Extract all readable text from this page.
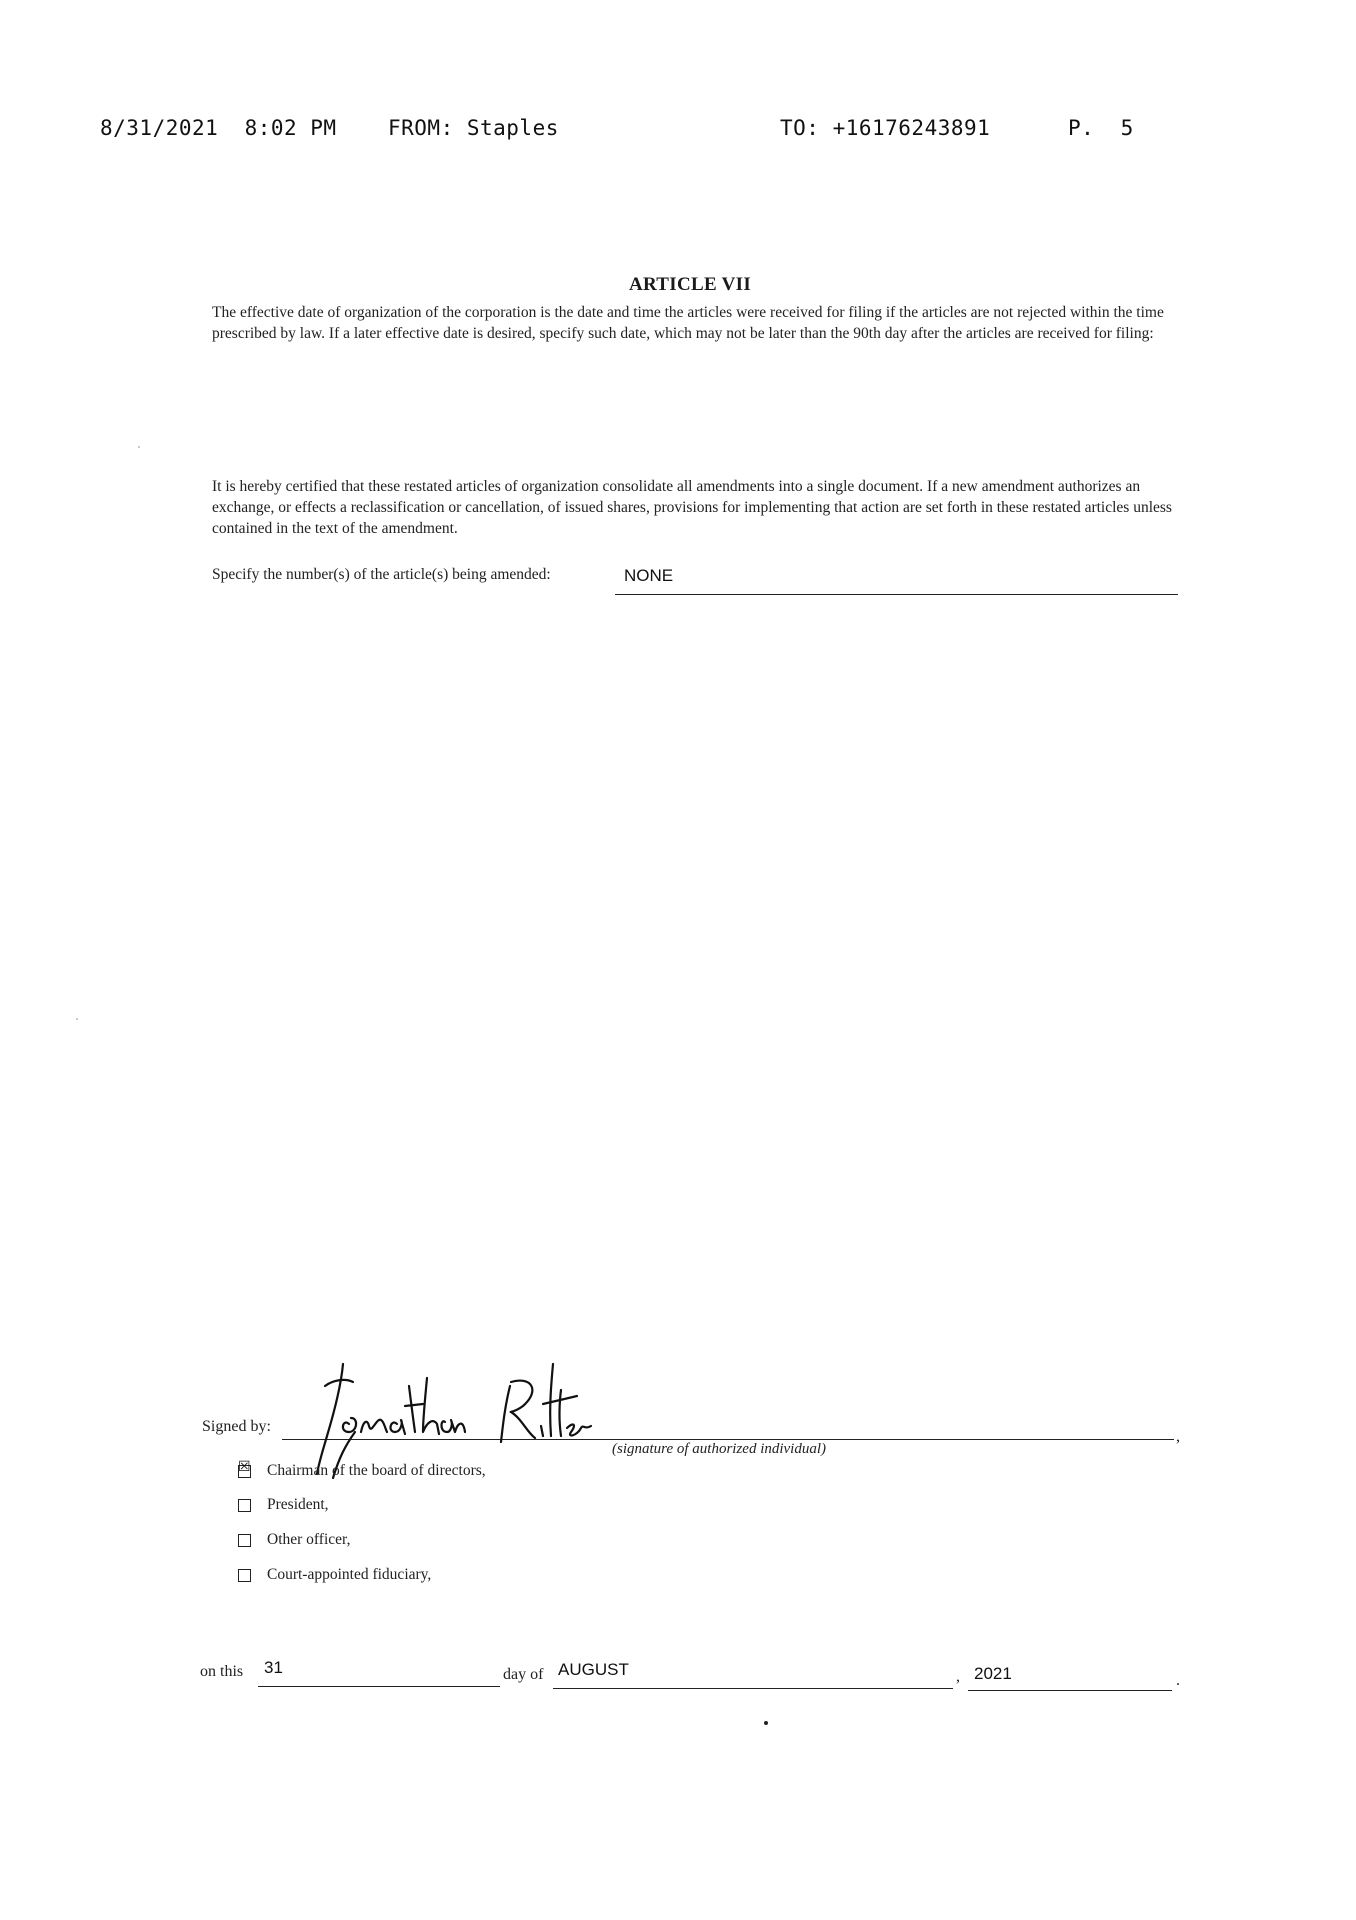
8/31/2021  8:02 PM FROM: Staples	TO: +16176243891	P.  5
ARTICLE VII
The effective date of organization of the corporation is the date and time the articles were received for filing if the articles are not rejected within the time prescribed by law. If a later effective date is desired, specify such date, which may not be later than the 90th day after the articles are received for filing:
It is hereby certified that these restated articles of organization consolidate all amendments into a single document. If a new amendment authorizes an exchange, or effects a reclassification or cancellation, of issued shares, provisions for implementing that action are set forth in these restated articles unless contained in the text of the amendment.
Specify the number(s) of the article(s) being amended:	NONE
Signed by:
,
(signature of authorized individual)
☒ Chairman of the board of directors,
President,
Other officer,
Court-appointed fiduciary,
on this 31	day of AUGUST	, 2021	.
